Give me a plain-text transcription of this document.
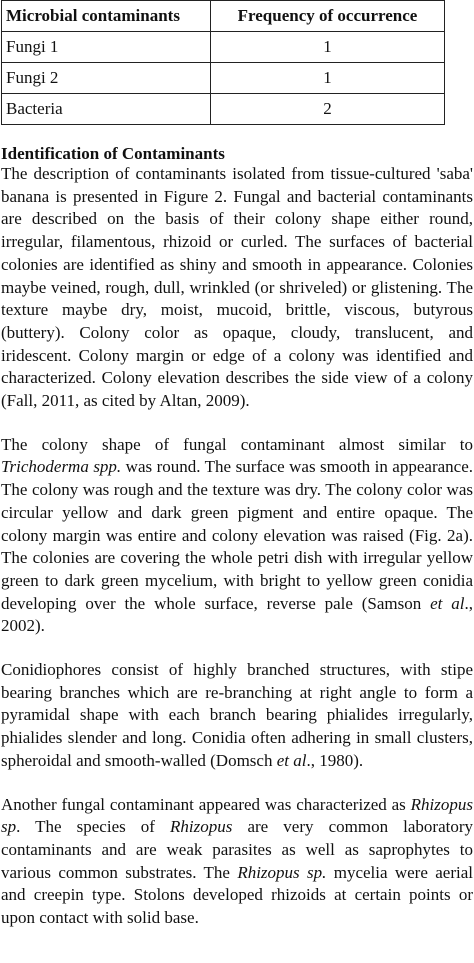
Microbial contaminants	Frequency of occurrence
Fungi 1	1
Fungi 2	1
Bacteria	2
Identification of Contaminants

The description of contaminants isolated from tissue-cultured 'saba' banana is presented in Figure 2. Fungal and bacterial contaminants are described on the basis of their colony shape either round, irregular, filamentous, rhizoid or curled. The surfaces of bacterial colonies are identified as shiny and smooth in appearance. Colonies maybe veined, rough, dull, wrinkled (or shriveled) or glistening. The texture maybe dry, moist, mucoid, brittle, viscous, butyrous (buttery). Colony color as opaque, cloudy, translucent, and iridescent. Colony margin or edge of a colony was identified and characterized. Colony elevation describes the side view of a colony (Fall, 2011, as cited by Altan, 2009).

The colony shape of fungal contaminant almost similar to Trichoderma spp. was round. The surface was smooth in appearance. The colony was rough and the texture was dry. The colony color was circular yellow and dark green pigment and entire opaque. The colony margin was entire and colony elevation was raised (Fig. 2a). The colonies are covering the whole petri dish with irregular yellow green to dark green mycelium, with bright to yellow green conidia developing over the whole surface, reverse pale (Samson et al., 2002).

Conidiophores consist of highly branched structures, with stipe bearing branches which are re-branching at right angle to form a pyramidal shape with each branch bearing phialides irregularly, phialides slender and long. Conidia often adhering in small clusters, spheroidal and smooth-walled (Domsch et al., 1980).

Another fungal contaminant appeared was characterized as Rhizopus sp. The species of Rhizopus are very common laboratory contaminants and are weak parasites as well as saprophytes to various common substrates. The Rhizopus sp. mycelia were aerial and creepin type. Stolons developed rhizoids at certain points or upon contact with solid base.
